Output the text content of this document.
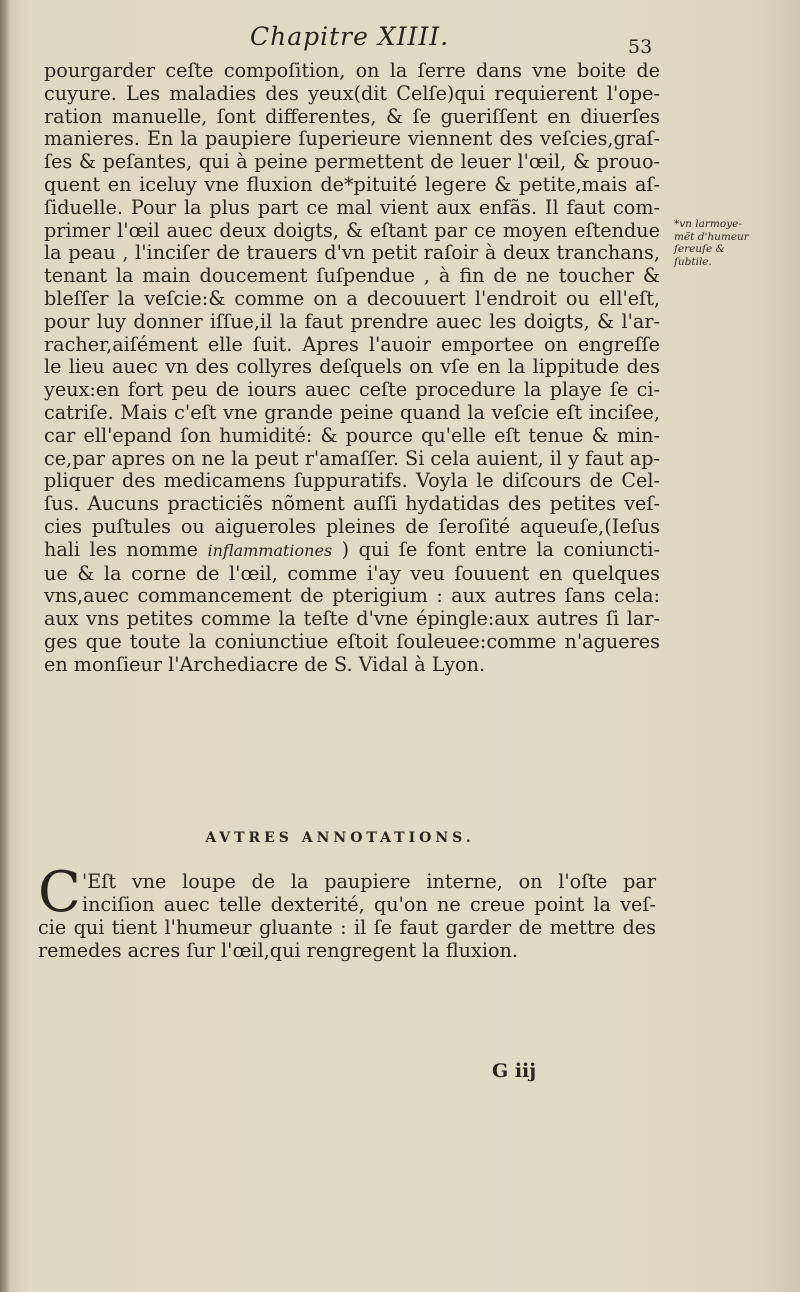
Chapitre XIIII.	53
pourgarder ceſte compoſition, on la ſerre dans vne boite de
cuyure. Les maladies des yeux(dit Celſe)qui requierent l'ope-
ration manuelle, ſont differentes, & ſe gueriſſent en diuerſes
manieres. En la paupiere ſuperieure viennent des veſcies,graſ-
ſes & peſantes, qui à peine permettent de leuer l'œil, & prouo-
quent en iceluy vne fluxion de*pituité legere & petite,mais aſ-
ſiduelle. Pour la plus part ce mal vient aux enfãs. Il faut com-
primer l'œil auec deux doigts, & eſtant par ce moyen eſtendue
la peau , l'inciſer de trauers d'vn petit raſoir à deux tranchans,
tenant la main doucement ſuſpendue , à fin de ne toucher &
bleſſer la veſcie:& comme on a decouuert l'endroit ou ell'eſt,
pour luy donner iſſue,il la faut prendre auec les doigts, & l'ar-
racher,aiſément elle ſuit. Apres l'auoir emportee on engreſſe
le lieu auec vn des collyres deſquels on vſe en la lippitude des
yeux:en fort peu de iours auec ceſte procedure la playe ſe ci-
catriſe. Mais c'eſt vne grande peine quand la veſcie eſt inciſee,
car ell'epand ſon humidité: & pource qu'elle eſt tenue & min-
ce,par apres on ne la peut r'amaſſer. Si cela auient, il y faut ap-
pliquer des medicamens ſuppuratifs. Voyla le diſcours de Cel-
ſus. Aucuns practiciẽs nõment auſſi hydatidas des petites veſ-
cies puſtules ou aigueroles pleines de ſeroſité aqueuſe,(Ieſus
hali les nomme inflammationes ) qui ſe font entre la coniuncti-
ue & la corne de l'œil, comme i'ay veu ſouuent en quelques
vns,auec commancement de pterigium : aux autres ſans cela:
aux vns petites comme la teſte d'vne épingle:aux autres ſi lar-
ges que toute la coniunctiue eſtoit ſouleuee:comme n'agueres
en monſieur l'Archediacre de S. Vidal à Lyon.
*vn larmoye-
mẽt d'humeur
ſereuſe &
ſubtile.
AVTRES ANNOTATIONS.
C 'Eſt vne loupe de la paupiere interne, on l'oſte par
inciſion auec telle dexterité, qu'on ne creue point la veſ-
cie qui tient l'humeur gluante : il ſe faut garder de mettre des
remedes acres ſur l'œil,qui rengregent la fluxion.
G iij
